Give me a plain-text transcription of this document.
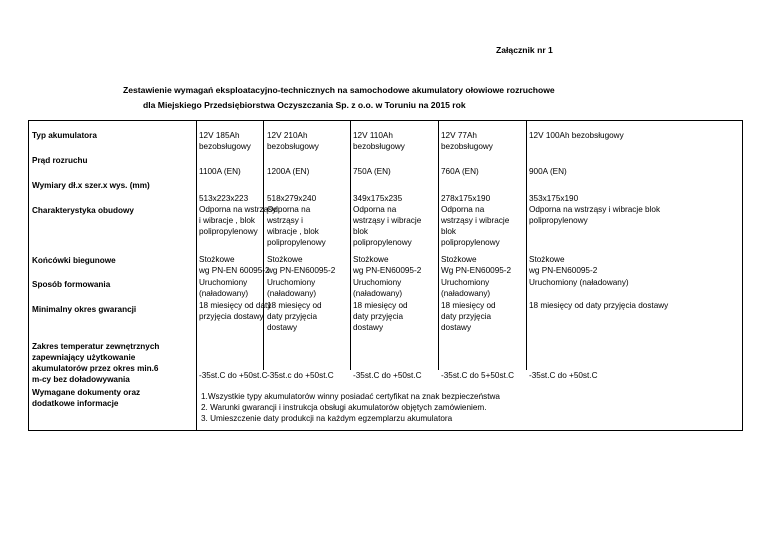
Załącznik nr 1
Zestawienie wymagań eksploatacyjno-technicznych na samochodowe akumulatory ołowiowe rozruchowe
dla Miejskiego Przedsiębiorstwa Oczyszczania Sp. z o.o. w Toruniu na 2015 rok
Typ akumulatora
Prąd rozruchu
Wymiary dł.x szer.x wys. (mm)
Charakterystyka obudowy
Końcówki biegunowe
Sposób formowania
Minimalny okres gwarancji
Zakres temperatur zewnętrznych
zapewniający użytkowanie
akumulatorów przez okres min.6
m-cy bez doładowywania
Wymagane dokumenty oraz
dodatkowe informacje
12V 185Ah
bezobsługowy
1100A (EN)
513x223x223
Odporna na wstrząsy
i wibracje , blok
polipropylenowy
Stożkowe
wg PN-EN 60095-2
Uruchomiony
(naładowany)
18 miesięcy od daty
przyjęcia dostawy
-35st.C do +50st.C
12V 210Ah
bezobsługowy
1200A (EN)
518x279x240
Odporna na
wstrząsy i
wibracje , blok
polipropylenowy
Stożkowe
wg PN-EN60095-2
Uruchomiony
(naładowany)
18 miesięcy od
daty przyjęcia
dostawy
-35st.c do +50st.C
12V 110Ah
bezobsługowy
750A (EN)
349x175x235
Odporna na
wstrząsy i wibracje
blok
polipropylenowy
Stożkowe
wg PN-EN60095-2
Uruchomiony
(naładowany)
18 miesięcy od
daty przyjęcia
dostawy
-35st.C do +50st.C
12V 77Ah
bezobsługowy
760A (EN)
278x175x190
Odporna na
wstrząsy i wibracje
blok
polipropylenowy
Stożkowe
Wg PN-EN60095-2
Uruchomiony
(naładowany)
18 miesięcy od
daty przyjęcia
dostawy
-35st.C do 5+50st.C
12V 100Ah bezobsługowy
900A (EN)
353x175x190
Odporna na wstrząsy i wibracje blok
polipropylenowy
Stożkowe
wg PN-EN60095-2
Uruchomiony (naładowany)
18 miesięcy od daty przyjęcia dostawy
-35st.C do +50st.C
1.Wszystkie typy akumulatorów winny posiadać certyfikat na znak bezpieczeństwa
2. Warunki gwarancji i instrukcja obsługi akumulatorów objętych zamówieniem.
3. Umieszczenie daty produkcji na każdym egzemplarzu akumulatora
